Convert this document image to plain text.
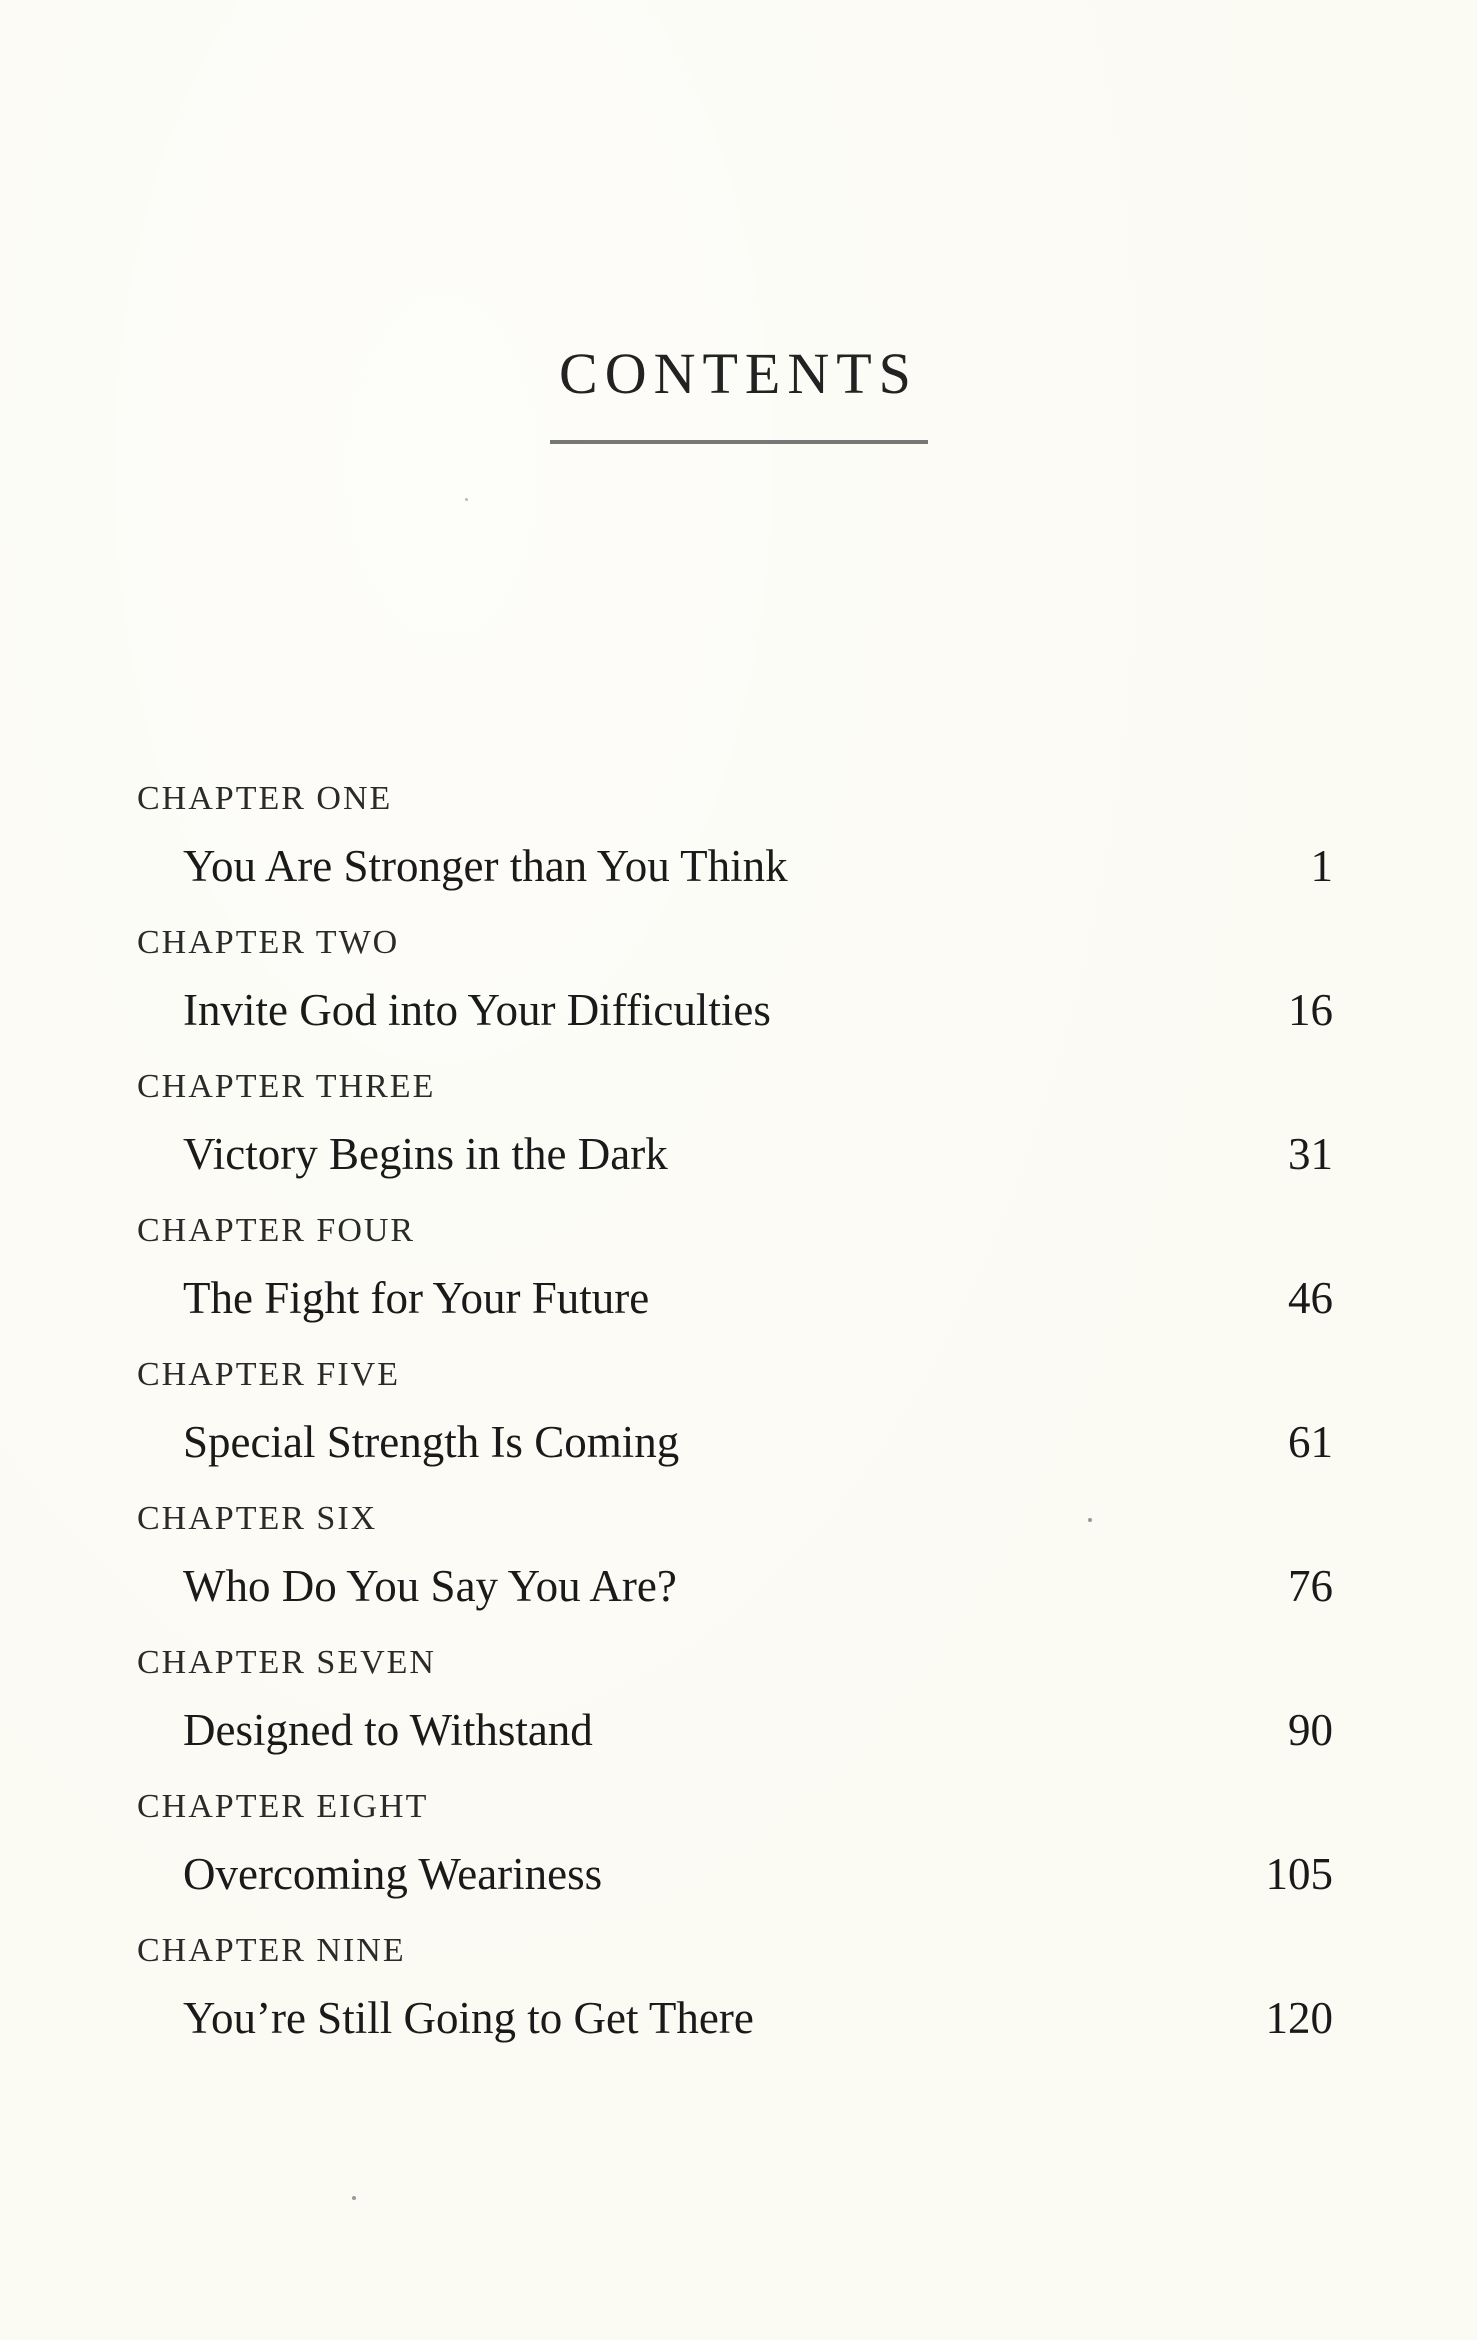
CONTENTS
CHAPTER ONE
You Are Stronger than You Think	1
CHAPTER TWO
Invite God into Your Difficulties	16
CHAPTER THREE
Victory Begins in the Dark	31
CHAPTER FOUR
The Fight for Your Future	46
CHAPTER FIVE
Special Strength Is Coming	61
CHAPTER SIX
Who Do You Say You Are?	76
CHAPTER SEVEN
Designed to Withstand	90
CHAPTER EIGHT
Overcoming Weariness	105
CHAPTER NINE
You’re Still Going to Get There	120
